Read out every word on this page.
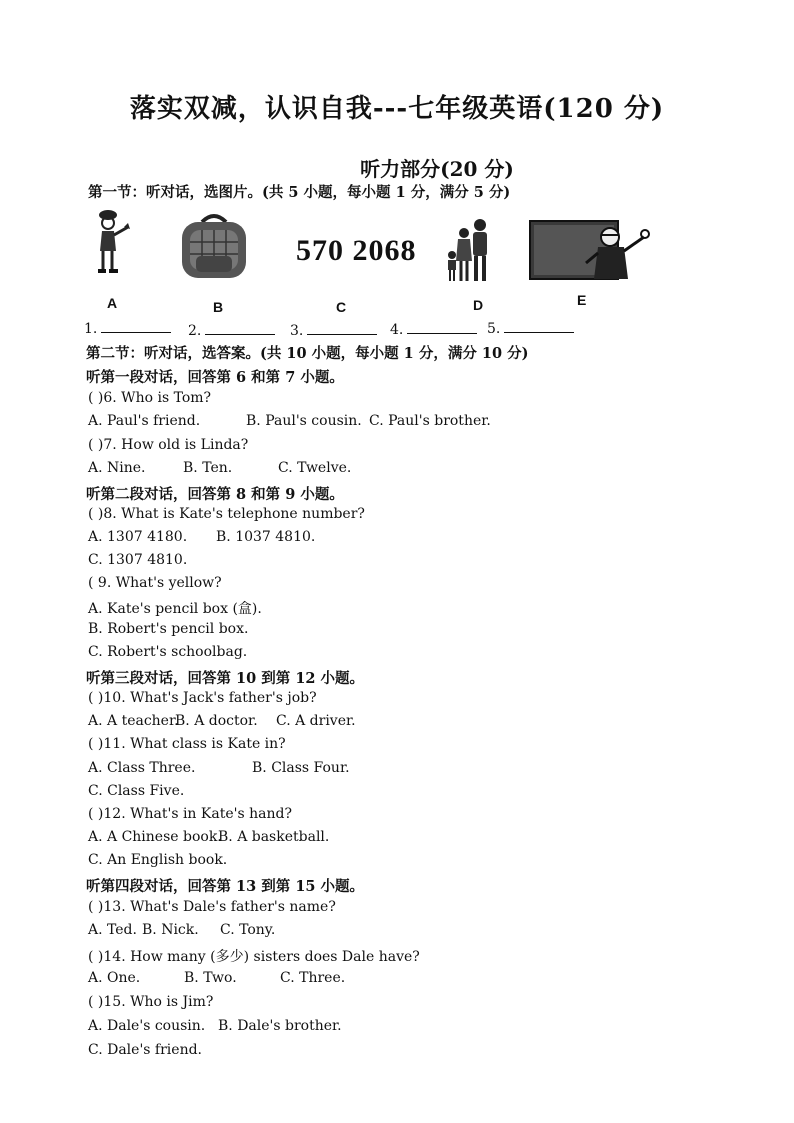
落实双减，认识自我---七年级英语(120 分)
听力部分(20 分)
第一节：听对话，选图片。(共 5 小题，每小题 1 分，满分 5 分)
570 2068
A	B	C	D	E
1.	2.	3.	4.	5.
第二节：听对话，选答案。(共 10 小题，每小题 1 分，满分 10 分)
听第一段对话，回答第 6 和第 7 小题。
( )6. Who is Tom?
A. Paul's friend.	B. Paul's cousin. C. Paul's brother.
( )7. How old is Linda?
A. Nine.	B. Ten.	C. Twelve.
听第二段对话，回答第 8 和第 9 小题。
( )8. What is Kate's telephone number?
A. 1307 4180. B. 1037 4810.
C. 1307 4810.
( 9. What's yellow?
A. Kate's pencil box (盒).
B. Robert's pencil box.
C. Robert's schoolbag.
听第三段对话，回答第 10 到第 12 小题。
( )10. What's Jack's father's job?
A. A teacher.
B. A doctor. C. A driver.
( )11. What class is Kate in?
A. Class Three.	B. Class Four.
C. Class Five.
( )12. What's in Kate's hand?
A. A Chinese book.
B. A basketball.
C. An English book.
听第四段对话，回答第 13 到第 15 小题。
( )13. What's Dale's father's name?
A. Ted. B. Nick. C. Tony.
( )14. How many (多少) sisters does Dale have?
A. One.	B. Two.	C. Three.
( )15. Who is Jim?
A. Dale's cousin. B. Dale's brother.
C. Dale's friend.
